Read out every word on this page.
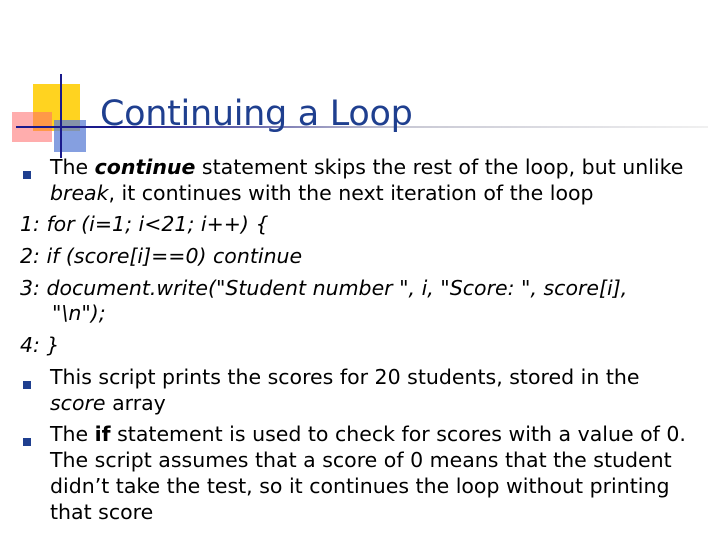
Continuing a Loop
The continue statement skips the rest of the loop, but unlike
break, it continues with the next iteration of the loop
1: for (i=1; i<21; i++) {
2: if (score[i]==0) continue
3: document.write("Student number ", i, "Score: ", score[i],
"\n");
4: }
This script prints the scores for 20 students, stored in the
score array
The if statement is used to check for scores with a value of 0.
The script assumes that a score of 0 means that the student
didn’t take the test, so it continues the loop without printing
that score
